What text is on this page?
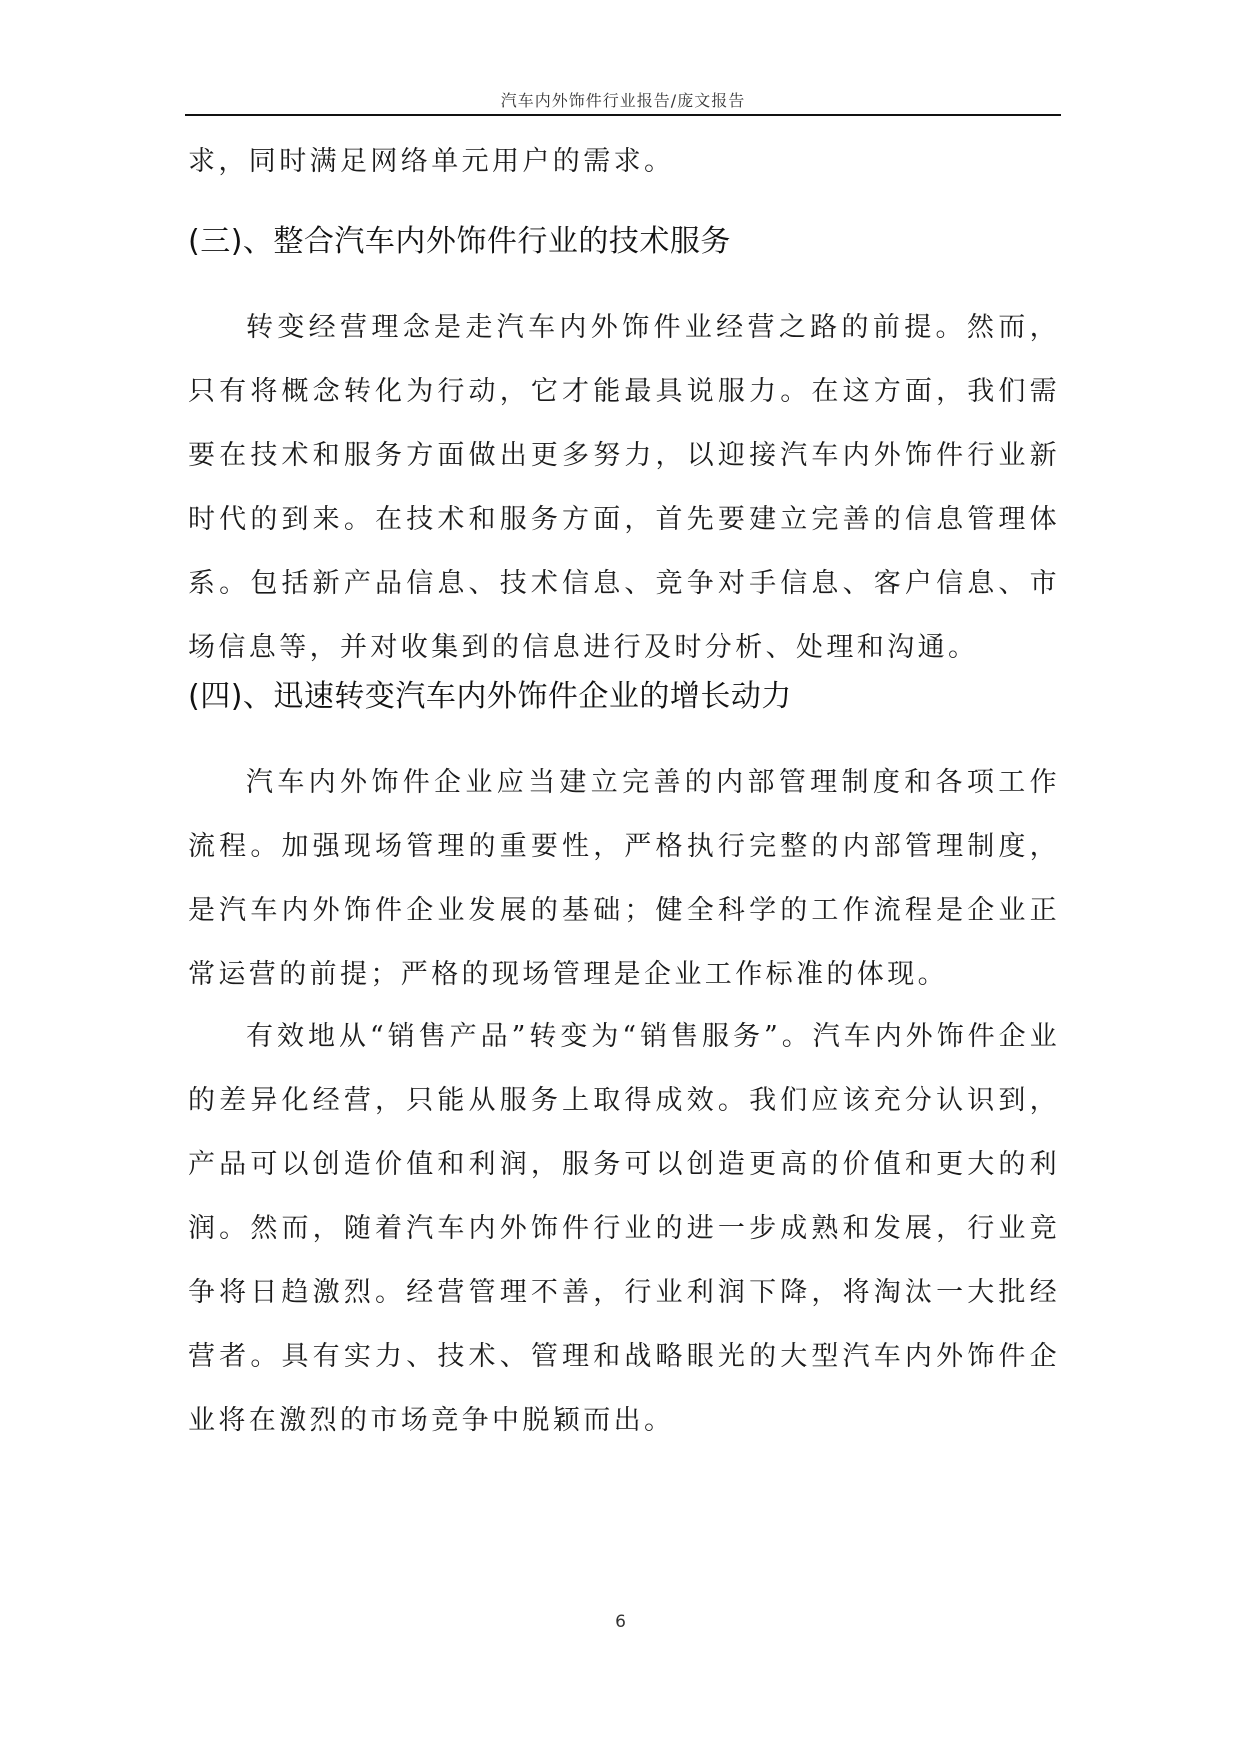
汽车内外饰件行业报告/庞文报告

求，同时满足网络单元用户的需求。

(三)、整合汽车内外饰件行业的技术服务

转变经营理念是走汽车内外饰件业经营之路的前提。然而，只有将概念转化为行动，它才能最具说服力。在这方面，我们需要在技术和服务方面做出更多努力，以迎接汽车内外饰件行业新时代的到来。在技术和服务方面，首先要建立完善的信息管理体系。包括新产品信息、技术信息、竞争对手信息、客户信息、市场信息等，并对收集到的信息进行及时分析、处理和沟通。

(四)、迅速转变汽车内外饰件企业的增长动力

汽车内外饰件企业应当建立完善的内部管理制度和各项工作流程。加强现场管理的重要性，严格执行完整的内部管理制度，是汽车内外饰件企业发展的基础；健全科学的工作流程是企业正常运营的前提；严格的现场管理是企业工作标准的体现。

有效地从“销售产品”转变为“销售服务”。汽车内外饰件企业的差异化经营，只能从服务上取得成效。我们应该充分认识到，产品可以创造价值和利润，服务可以创造更高的价值和更大的利润。然而，随着汽车内外饰件行业的进一步成熟和发展，行业竞争将日趋激烈。经营管理不善，行业利润下降，将淘汰一大批经营者。具有实力、技术、管理和战略眼光的大型汽车内外饰件企业将在激烈的市场竞争中脱颖而出。

6
